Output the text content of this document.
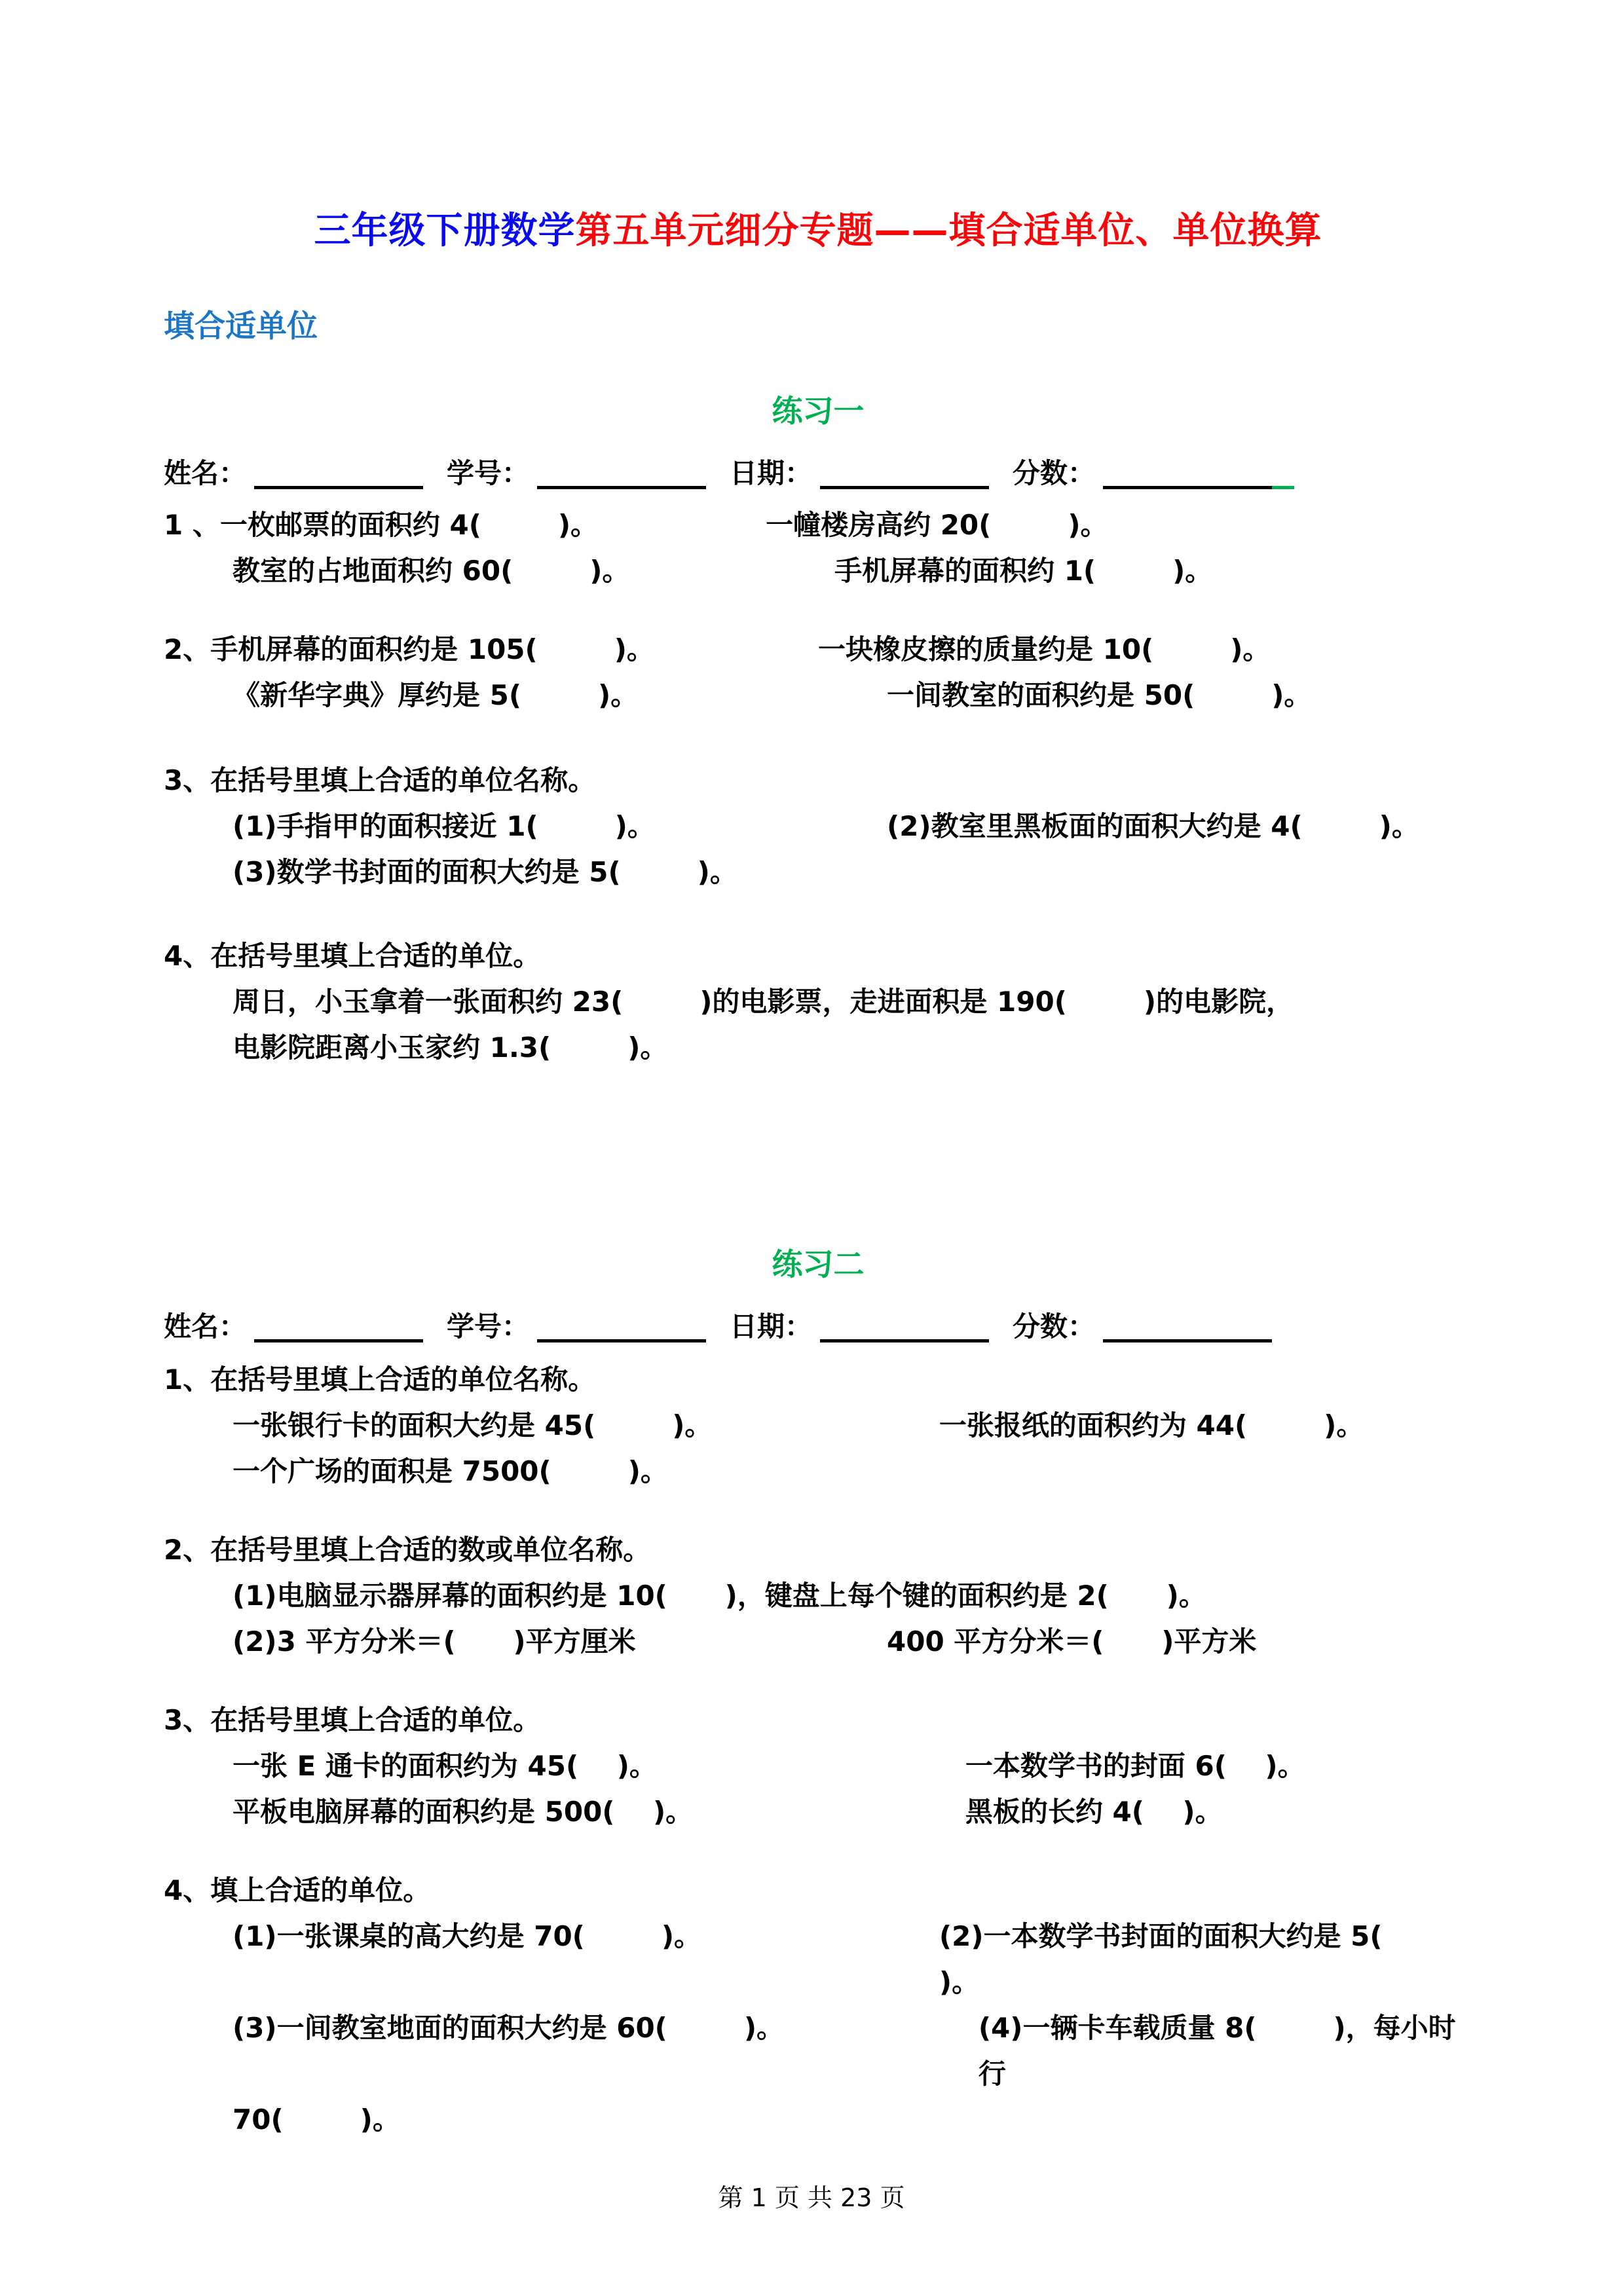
三年级下册数学第五单元细分专题——填合适单位、单位换算
填合适单位
练习一
姓名：	学号：	日期：	分数：
1 、一枚邮票的面积约 4(        )。	一幢楼房高约 20(        )。
教室的占地面积约 60(        )。	手机屏幕的面积约 1(        )。
2、手机屏幕的面积约是 105(        )。	一块橡皮擦的质量约是 10(        )。
《新华字典》厚约是 5(        )。	一间教室的面积约是 50(        )。
3、在括号里填上合适的单位名称。
(1)手指甲的面积接近 1(        )。	(2)教室里黑板面的面积大约是 4(        )。
(3)数学书封面的面积大约是 5(        )。
4、在括号里填上合适的单位。
周日，小玉拿着一张面积约 23(        )的电影票，走进面积是 190(        )的电影院，
电影院距离小玉家约 1.3(        )。
练习二
姓名：	学号：	日期：	分数：
1、在括号里填上合适的单位名称。
一张银行卡的面积大约是 45(        )。	一张报纸的面积约为 44(        )。
一个广场的面积是 7500(        )。
2、在括号里填上合适的数或单位名称。
(1)电脑显示器屏幕的面积约是 10(      )，键盘上每个键的面积约是 2(      )。
(2)3 平方分米＝(      )平方厘米	400 平方分米＝(      )平方米
3、在括号里填上合适的单位。
一张 E 通卡的面积约为 45(    )。	一本数学书的封面 6(    )。
平板电脑屏幕的面积约是 500(    )。	黑板的长约 4(    )。
4、填上合适的单位。
(1)一张课桌的高大约是 70(        )。	(2)一本数学书封面的面积大约是 5(        )。
(3)一间教室地面的面积大约是 60(        )。	(4)一辆卡车载质量 8(        )，每小时行
70(        )。
第 1 页 共 23 页
